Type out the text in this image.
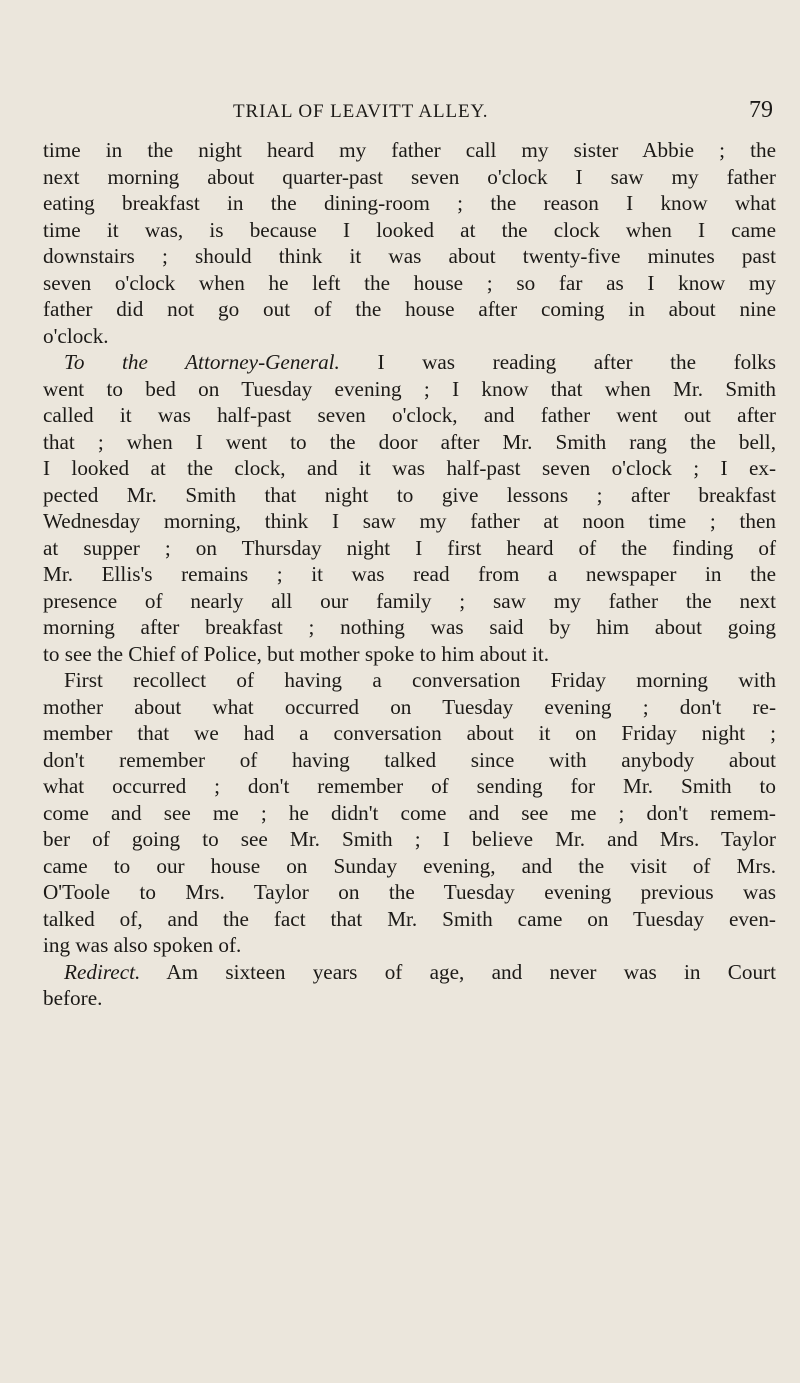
TRIAL OF LEAVITT ALLEY.	79
time in the night heard my father call my sister Abbie ; the
next morning about quarter-past seven o'clock I saw my father
eating breakfast in the dining-room ; the reason I know what
time it was, is because I looked at the clock when I came
downstairs ; should think it was about twenty-five minutes past
seven o'clock when he left the house ; so far as I know my
father did not go out of the house after coming in about nine
o'clock.
To the Attorney-General. I was reading after the folks
went to bed on Tuesday evening ; I know that when Mr. Smith
called it was half-past seven o'clock, and father went out after
that ; when I went to the door after Mr. Smith rang the bell,
I looked at the clock, and it was half-past seven o'clock ; I ex-
pected Mr. Smith that night to give lessons ; after breakfast
Wednesday morning, think I saw my father at noon time ; then
at supper ; on Thursday night I first heard of the finding of
Mr. Ellis's remains ; it was read from a newspaper in the
presence of nearly all our family ; saw my father the next
morning after breakfast ; nothing was said by him about going
to see the Chief of Police, but mother spoke to him about it.
First recollect of having a conversation Friday morning with
mother about what occurred on Tuesday evening ; don't re-
member that we had a conversation about it on Friday night ;
don't remember of having talked since with anybody about
what occurred ; don't remember of sending for Mr. Smith to
come and see me ; he didn't come and see me ; don't remem-
ber of going to see Mr. Smith ; I believe Mr. and Mrs. Taylor
came to our house on Sunday evening, and the visit of Mrs.
O'Toole to Mrs. Taylor on the Tuesday evening previous was
talked of, and the fact that Mr. Smith came on Tuesday even-
ing was also spoken of.
Redirect. Am sixteen years of age, and never was in Court
before.
